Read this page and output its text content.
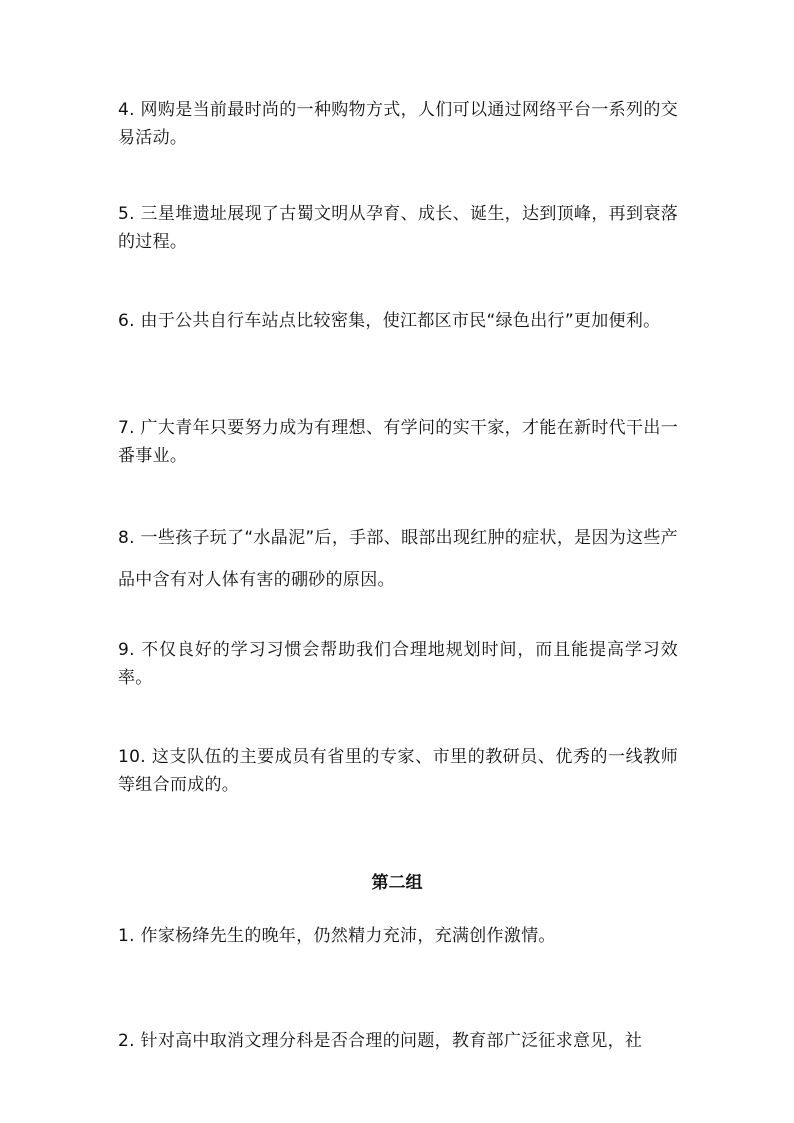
4. 网购是当前最时尚的一种购物方式，人们可以通过网络平台一系列的交易活动。

5. 三星堆遗址展现了古蜀文明从孕育、成长、诞生，达到顶峰，再到衰落的过程。

6. 由于公共自行车站点比较密集，使江都区市民“绿色出行”更加便利。

7. 广大青年只要努力成为有理想、有学问的实干家，才能在新时代干出一番事业。

8. 一些孩子玩了“水晶泥”后，手部、眼部出现红肿的症状，是因为这些产品中含有对人体有害的硼砂的原因。

9. 不仅良好的学习习惯会帮助我们合理地规划时间，而且能提高学习效率。

10. 这支队伍的主要成员有省里的专家、市里的教研员、优秀的一线教师等组合而成的。

第二组

1. 作家杨绛先生的晚年，仍然精力充沛，充满创作激情。

2. 针对高中取消文理分科是否合理的问题，教育部广泛征求意见，社
